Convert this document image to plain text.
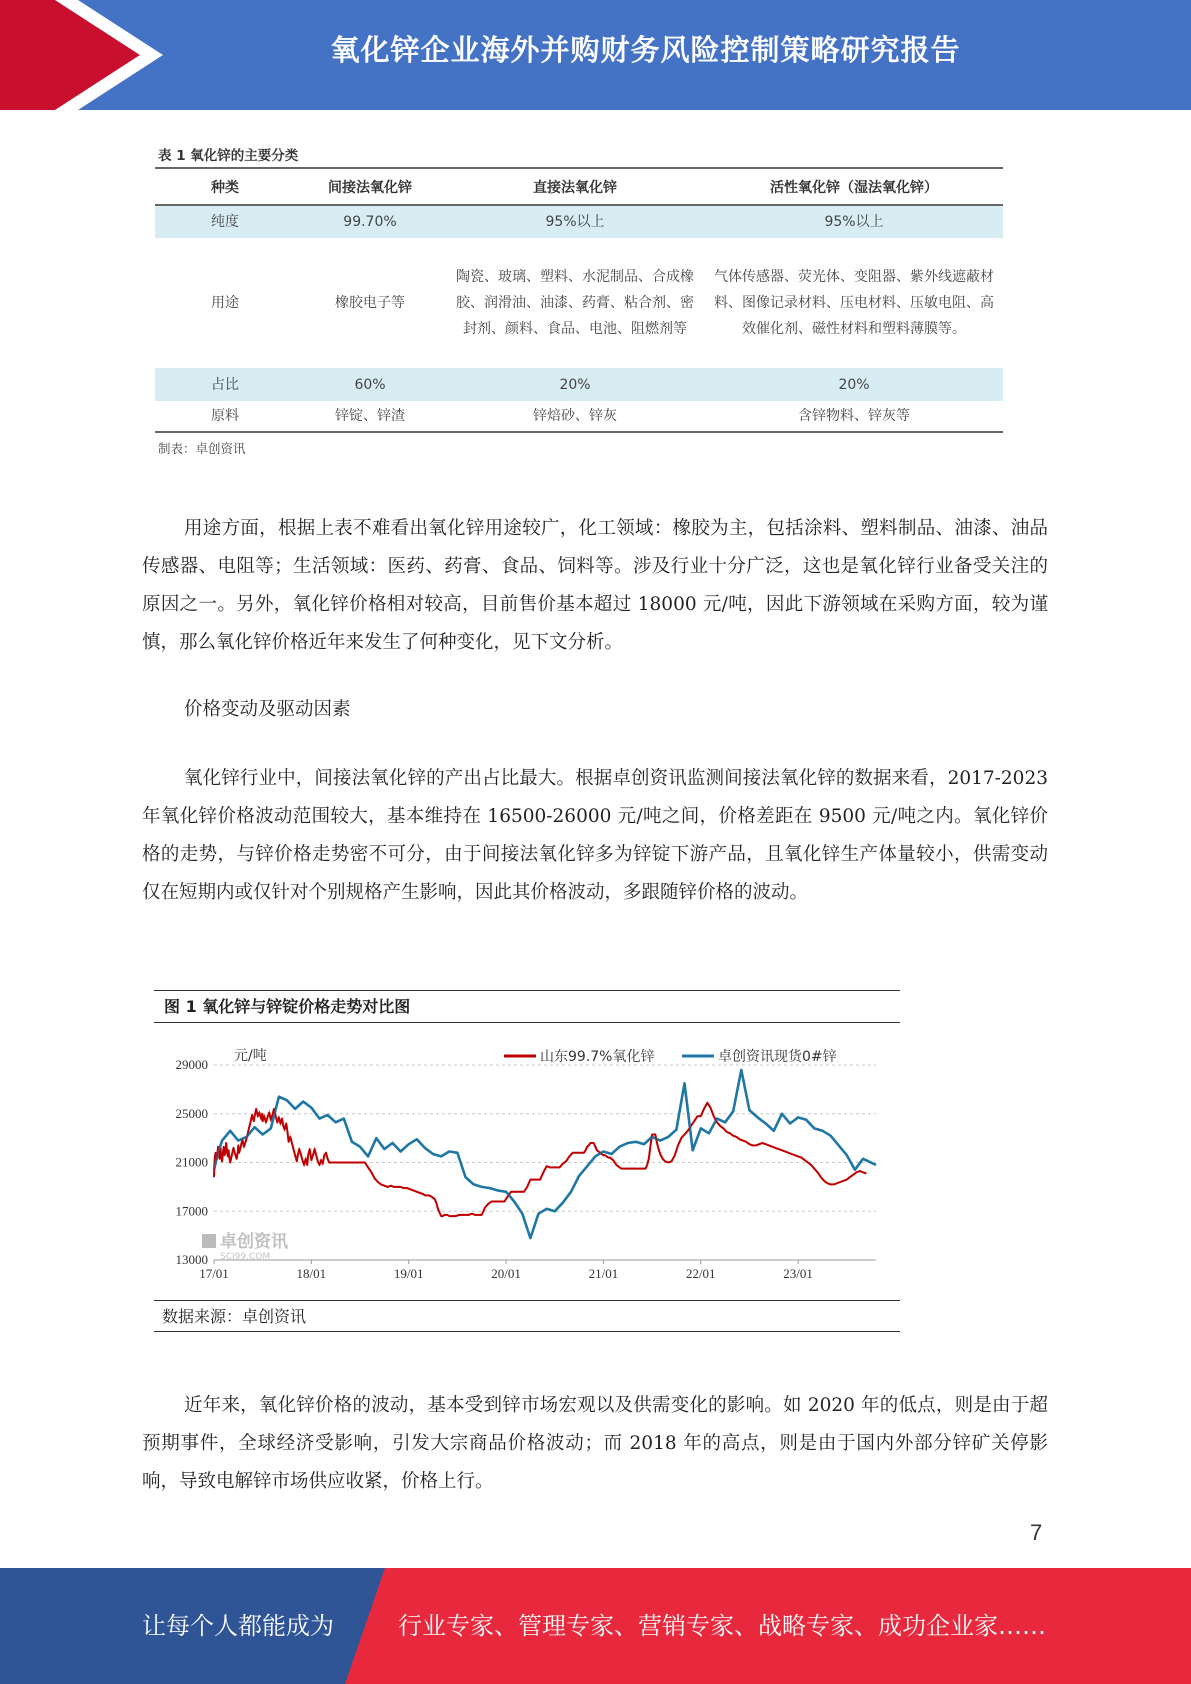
氧化锌企业海外并购财务风险控制策略研究报告
表 1 氧化锌的主要分类
种类	间接法氧化锌	直接法氧化锌	活性氧化锌（湿法氧化锌）
纯度	99.70%	95%以上	95%以上
用途	橡胶电子等	陶瓷、玻璃、塑料、水泥制品、合成橡胶、润滑油、油漆、药膏、粘合剂、密封剂、颜料、食品、电池、阻燃剂等	气体传感器、荧光体、变阻器、紫外线遮蔽材料、图像记录材料、压电材料、压敏电阻、高效催化剂、磁性材料和塑料薄膜等。
占比	60%	20%	20%
原料	锌锭、锌渣	锌焙砂、锌灰	含锌物料、锌灰等
制表：卓创资讯

用途方面，根据上表不难看出氧化锌用途较广，化工领域：橡胶为主，包括涂料、塑料制品、油漆、油品传感器、电阻等；生活领域：医药、药膏、食品、饲料等。涉及行业十分广泛，这也是氧化锌行业备受关注的原因之一。另外，氧化锌价格相对较高，目前售价基本超过 18000 元/吨，因此下游领域在采购方面，较为谨慎，那么氧化锌价格近年来发生了何种变化，见下文分析。

价格变动及驱动因素

氧化锌行业中，间接法氧化锌的产出占比最大。根据卓创资讯监测间接法氧化锌的数据来看，2017-2023 年氧化锌价格波动范围较大，基本维持在 16500-26000 元/吨之间，价格差距在 9500 元/吨之内。氧化锌价格的走势，与锌价格走势密不可分，由于间接法氧化锌多为锌锭下游产品，且氧化锌生产体量较小，供需变动仅在短期内或仅针对个别规格产生影响，因此其价格波动，多跟随锌价格的波动。

图 1 氧化锌与锌锭价格走势对比图
29000
25000
21000
17000
13000
17/01	18/01	19/01	20/01	21/01	22/01	23/01
元/吨
卓创资讯
SCI99.COM
山东99.7%氧化锌	卓创资讯现货0#锌
数据来源：卓创资讯

近年来，氧化锌价格的波动，基本受到锌市场宏观以及供需变化的影响。如 2020 年的低点，则是由于超预期事件，全球经济受影响，引发大宗商品价格波动；而 2018 年的高点，则是由于国内外部分锌矿关停影响，导致电解锌市场供应收紧，价格上行。

7
让每个人都能成为	行业专家、管理专家、营销专家、战略专家、成功企业家……
